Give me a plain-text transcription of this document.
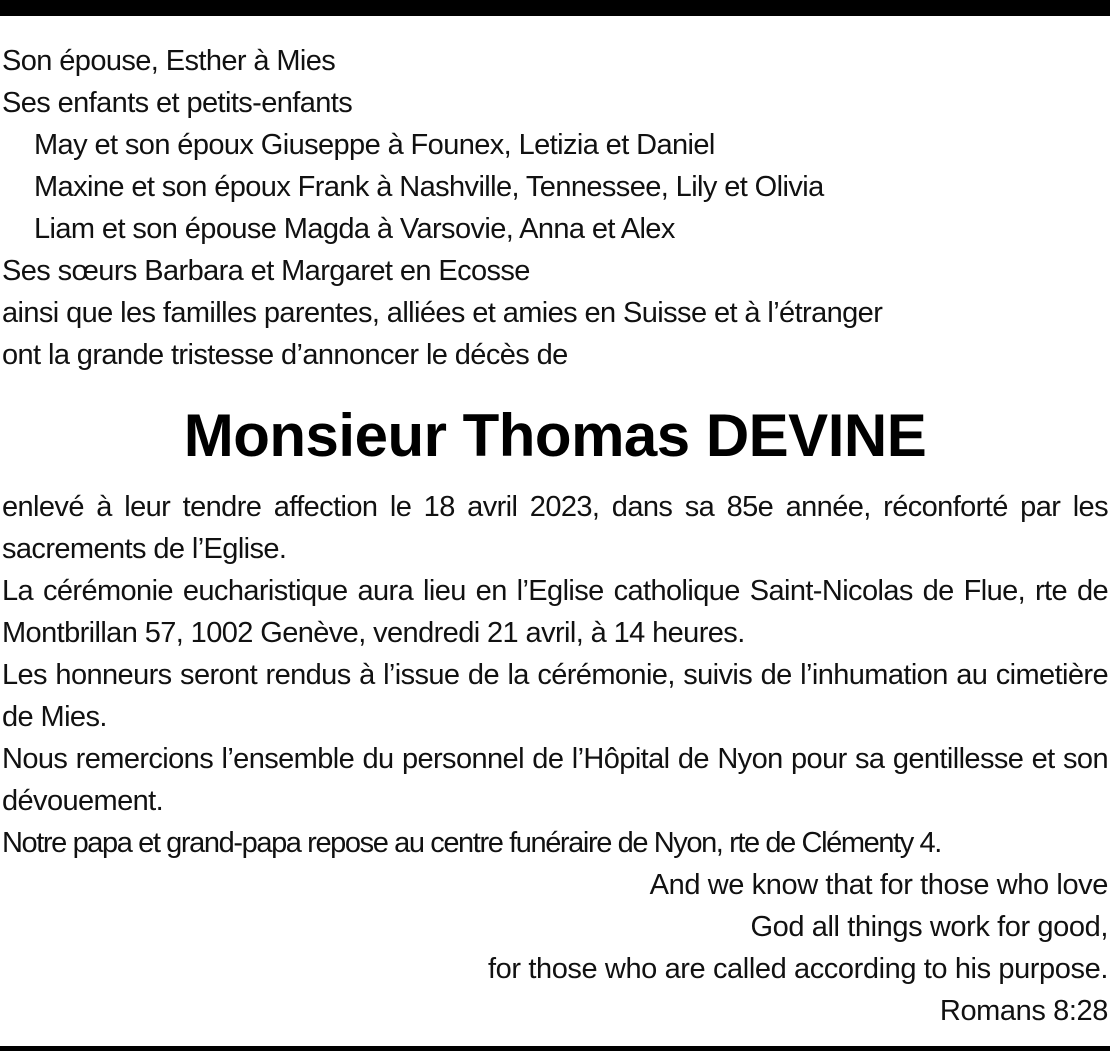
Son épouse, Esther à Mies
Ses enfants et petits-enfants
May et son époux Giuseppe à Founex, Letizia et Daniel
Maxine et son époux Frank à Nashville, Tennessee, Lily et Olivia
Liam et son épouse Magda à Varsovie, Anna et Alex
Ses sœurs Barbara et Margaret en Ecosse
ainsi que les familles parentes, alliées et amies en Suisse et à l’étranger
ont la grande tristesse d’annoncer le décès de
Monsieur Thomas DEVINE
enlevé à leur tendre affection le 18 avril 2023, dans sa 85e année, réconforté par les sacrements de l’Eglise.
La cérémonie eucharistique aura lieu en l’Eglise catholique Saint-Nicolas de Flue, rte de Montbrillan 57, 1002 Genève, vendredi 21 avril, à 14 heures.
Les honneurs seront rendus à l’issue de la cérémonie, suivis de l’inhumation au cimetière de Mies.
Nous remercions l’ensemble du personnel de l’Hôpital de Nyon pour sa gentillesse et son dévouement.
Notre papa et grand-papa repose au centre funéraire de Nyon, rte de Clémenty 4.
And we know that for those who love
God all things work for good,
for those who are called according to his purpose.
Romans 8:28
